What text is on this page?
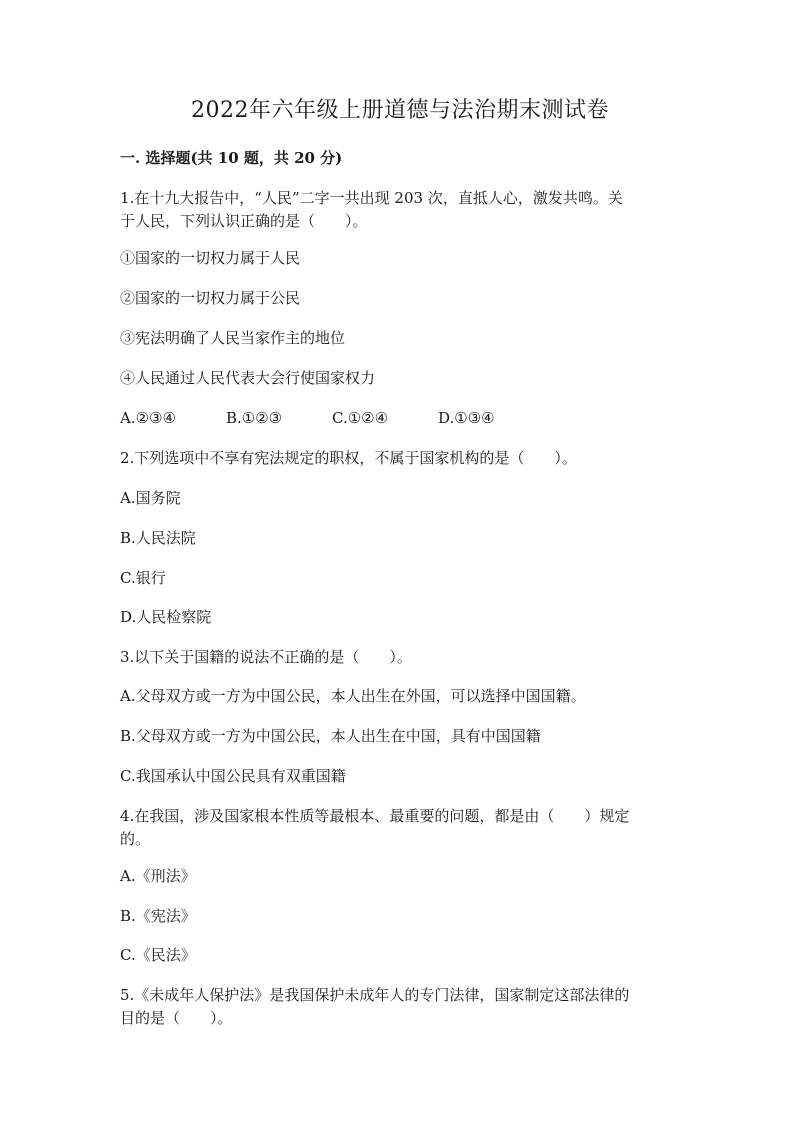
2022年六年级上册道德与法治期末测试卷
一. 选择题(共 10 题，共 20 分)
1.在十九大报告中，“人民”二字一共出现 203 次，直抵人心，激发共鸣。关
于人民，下列认识正确的是（　　）。
①国家的一切权力属于人民
②国家的一切权力属于公民
③宪法明确了人民当家作主的地位
④人民通过人民代表大会行使国家权力
A.②③④	B.①②③	C.①②④	D.①③④
2.下列选项中不享有宪法规定的职权，不属于国家机构的是（　　）。
A.国务院
B.人民法院
C.银行
D.人民检察院
3.以下关于国籍的说法不正确的是（　　）。
A.父母双方或一方为中国公民，本人出生在外国，可以选择中国国籍。
B.父母双方或一方为中国公民，本人出生在中国，具有中国国籍
C.我国承认中国公民具有双重国籍
4.在我国，涉及国家根本性质等最根本、最重要的问题，都是由（　　）规定
的。
A.《刑法》
B.《宪法》
C.《民法》
5.《未成年人保护法》是我国保护未成年人的专门法律，国家制定这部法律的
目的是（　　）。
